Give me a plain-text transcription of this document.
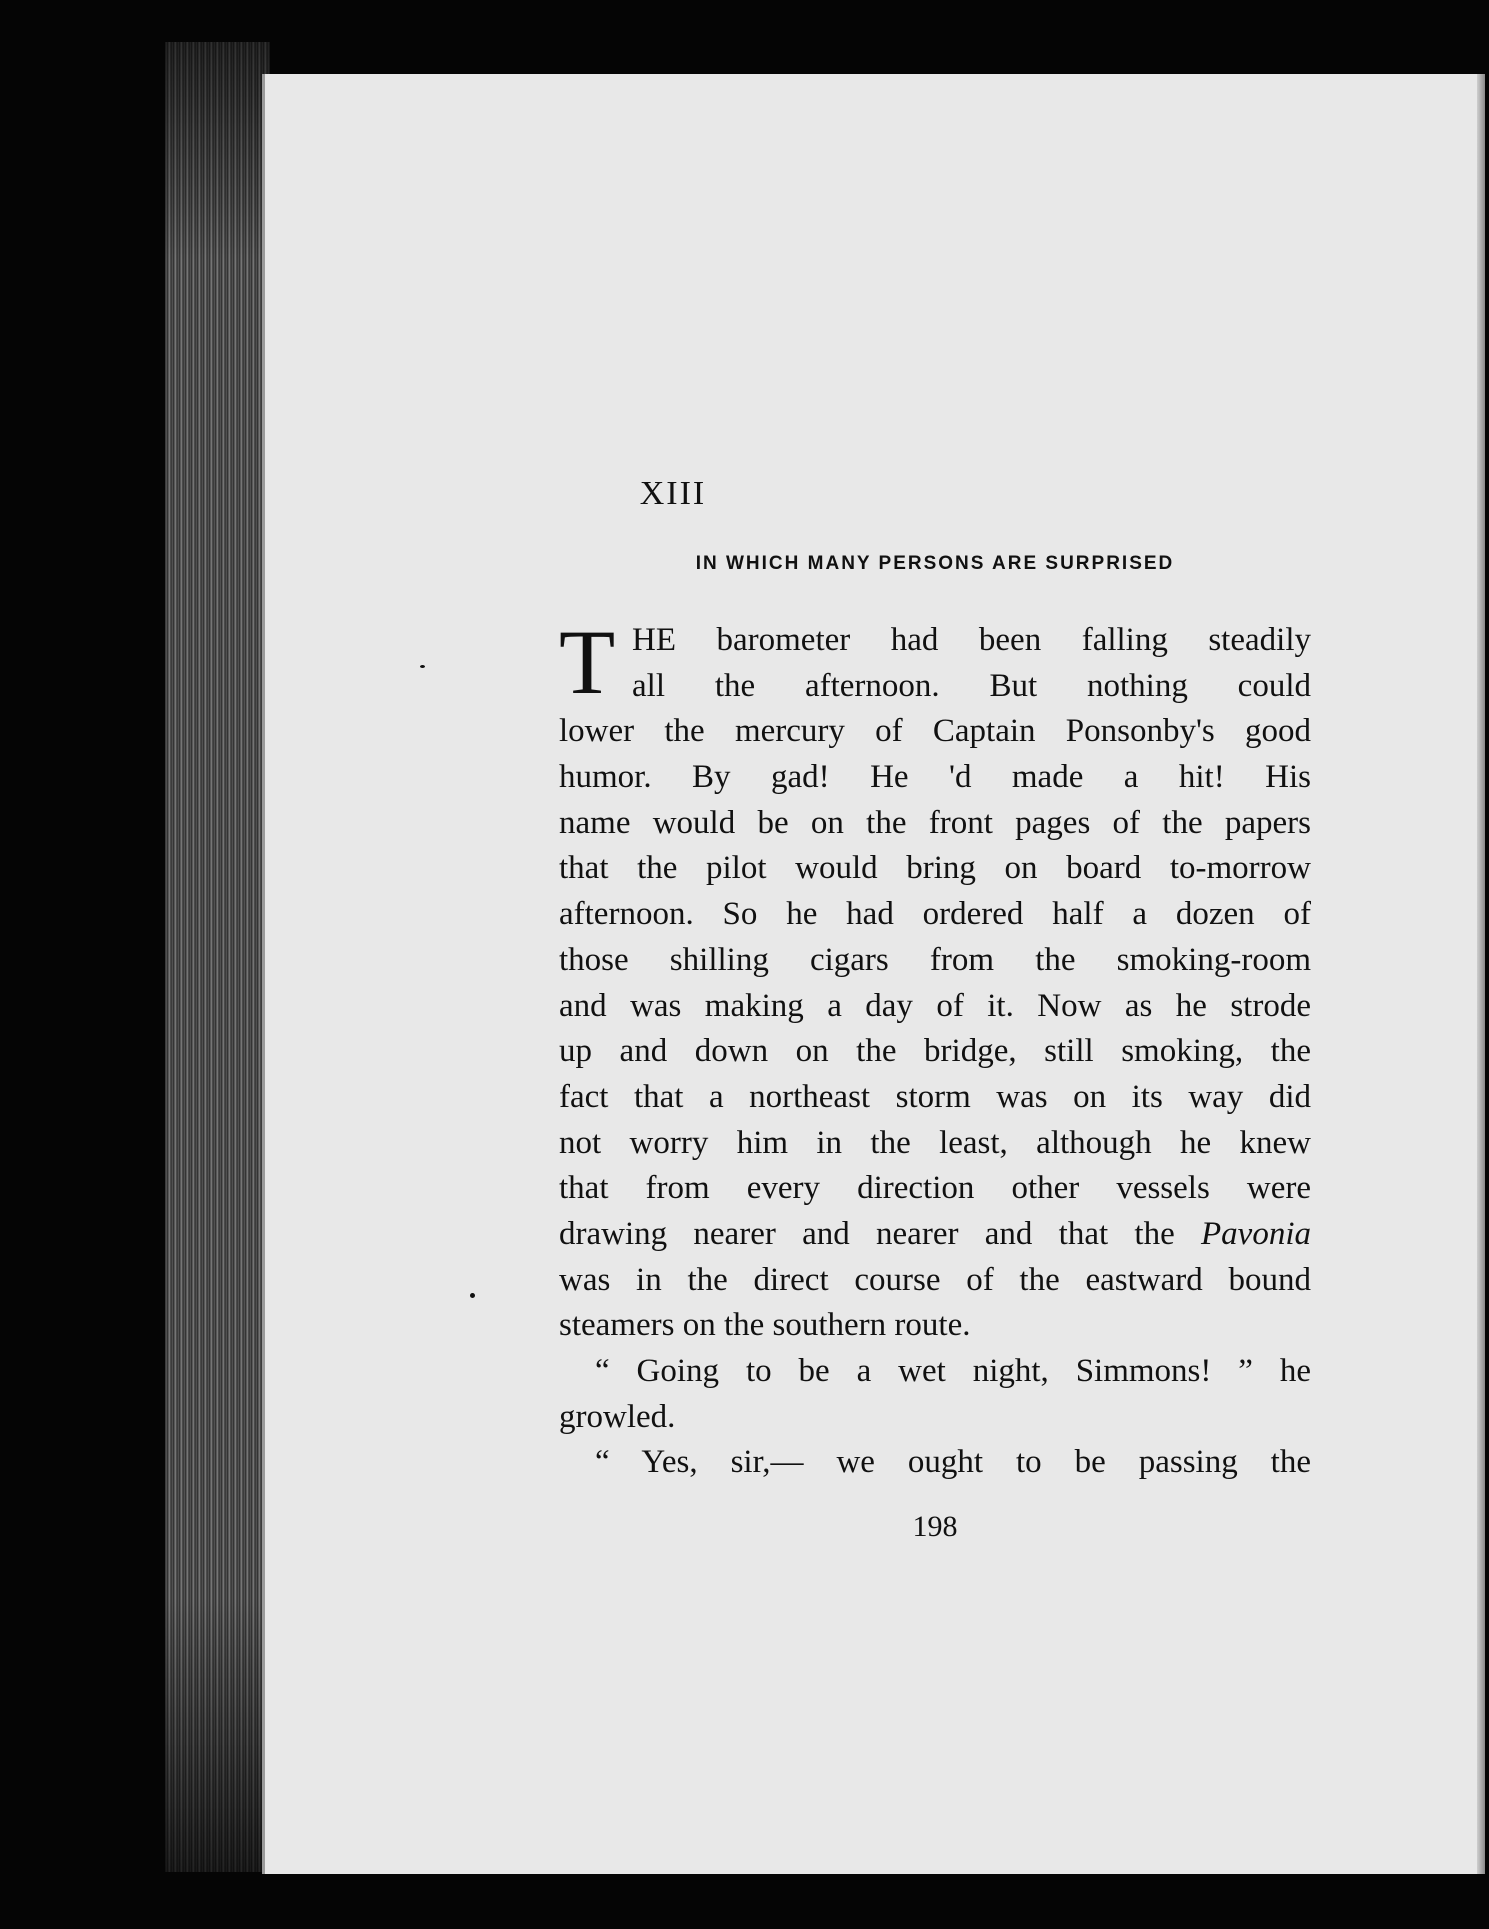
XIII
IN WHICH MANY PERSONS ARE SURPRISED
T HE barometer had been falling steadily
all the afternoon. But nothing could
lower the mercury of Captain Ponsonby's good
humor. By gad! He 'd made a hit! His
name would be on the front pages of the papers
that the pilot would bring on board to-morrow
afternoon. So he had ordered half a dozen of
those shilling cigars from the smoking-room
and was making a day of it. Now as he strode
up and down on the bridge, still smoking, the
fact that a northeast storm was on its way did
not worry him in the least, although he knew
that from every direction other vessels were
drawing nearer and nearer and that the Pavonia
was in the direct course of the eastward bound
steamers on the southern route.
“ Going to be a wet night, Simmons! ” he
growled.
“ Yes, sir,— we ought to be passing the
198
